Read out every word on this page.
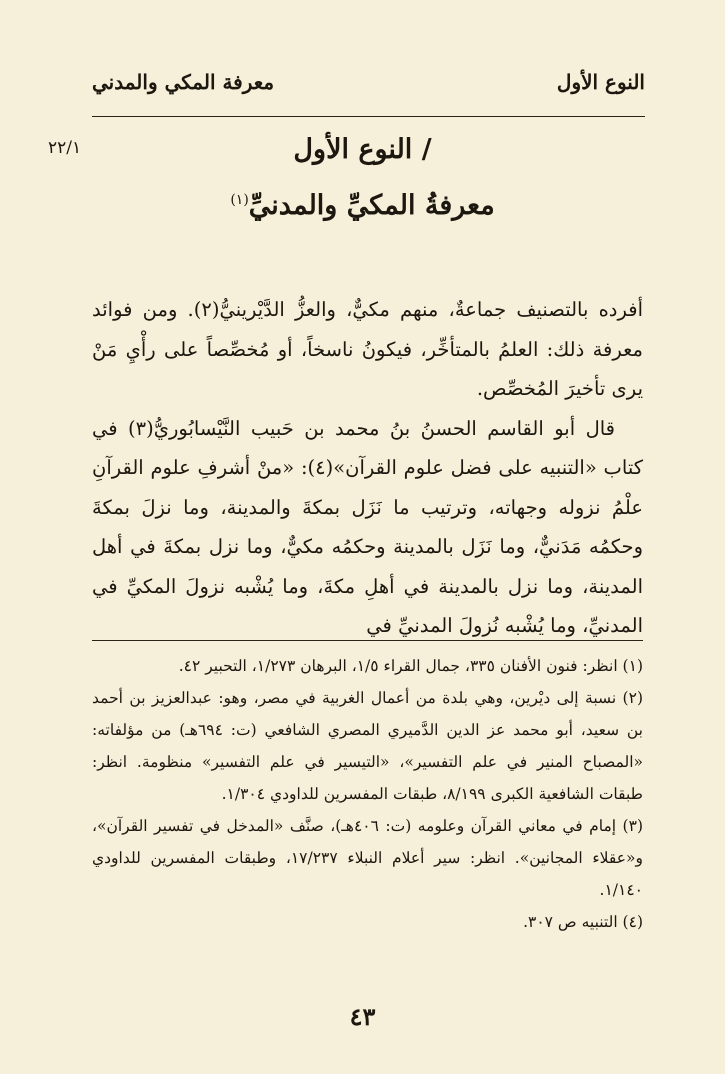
النوع الأول
معرفة المكي والمدني
٢٢/١	/ النوع الأول
معرفةُ المكيِّ والمدنيِّ$^{(١)}$

أفرده بالتصنيف جماعةٌ، منهم مكيٌّ، والعزُّ الدَّيْرينيُّ(٢). ومن فوائد معرفة ذلك: العلمُ بالمتأخِّر، فيكونُ ناسخاً، أو مُخصِّصاً على رأْيِ مَنْ يرى تأخيرَ المُخصِّص.

قال أبو القاسم الحسنُ بنُ محمد بن حَبيب النَّيْسابُوريُّ(٣) في كتاب «التنبيه على فضل علوم القرآن»(٤): «منْ أشرفِ علوم القرآنِ علْمُ نزوله وجهاته، وترتيب ما نَزَل بمكةَ والمدينة، وما نزلَ بمكةَ وحكمُه مَدَنيٌّ، وما نَزَل بالمدينة وحكمُه مكيٌّ، وما نزل بمكةَ في أهل المدينة، وما نزل بالمدينة في أهلِ مكةَ، وما يُشْبه نزولَ المكيِّ في المدنيِّ، وما يُشْبه نُزولَ المدنيِّ في

(١) انظر: فنون الأفنان ٣٣٥، جمال القراء ١/٥، البرهان ١/٢٧٣، التحبير ٤٢.

(٢) نسبة إلى ديْرين، وهي بلدة من أعمال الغربية في مصر، وهو: عبدالعزيز بن أحمد بن سعيد، أبو محمد عز الدين الدَّميري المصري الشافعي (ت: ٦٩٤هـ) من مؤلفاته: «المصباح المنير في علم التفسير»، «التيسير في علم التفسير» منظومة. انظر: طبقات الشافعية الكبرى ٨/١٩٩، طبقات المفسرين للداودي ١/٣٠٤.

(٣) إمام في معاني القرآن وعلومه (ت: ٤٠٦هـ)، صنَّف «المدخل في تفسير القرآن»، و«عقلاء المجانين». انظر: سير أعلام النبلاء ١٧/٢٣٧، وطبقات المفسرين للداودي ١/١٤٠.

(٤) التنبيه ص ٣٠٧.

٤٣
